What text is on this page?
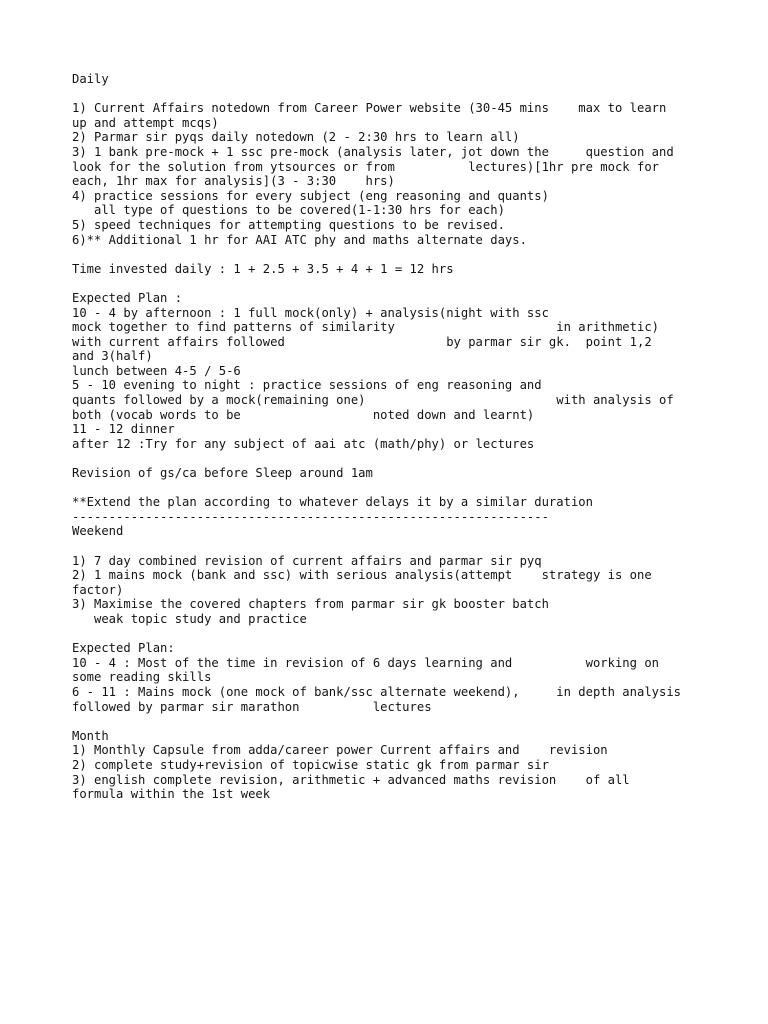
Daily
1) Current Affairs notedown from Career Power website (30-45 mins    max to learn
up and attempt mcqs)
2) Parmar sir pyqs daily notedown (2 - 2:30 hrs to learn all)
3) 1 bank pre-mock + 1 ssc pre-mock (analysis later, jot down the     question and
look for the solution from ytsources or from          lectures)[1hr pre mock for
each, 1hr max for analysis](3 - 3:30    hrs)
4) practice sessions for every subject (eng reasoning and quants)
all type of questions to be covered(1-1:30 hrs for each)
5) speed techniques for attempting questions to be revised.
6)** Additional 1 hr for AAI ATC phy and maths alternate days.
Time invested daily : 1 + 2.5 + 3.5 + 4 + 1 = 12 hrs
Expected Plan :
10 - 4 by afternoon : 1 full mock(only) + analysis(night with ssc
mock together to find patterns of similarity                      in arithmetic)
with current affairs followed                      by parmar sir gk.  point 1,2
and 3(half)
lunch between 4-5 / 5-6
5 - 10 evening to night : practice sessions of eng reasoning and
quants followed by a mock(remaining one)                          with analysis of
both (vocab words to be                  noted down and learnt)
11 - 12 dinner
after 12 :Try for any subject of aai atc (math/phy) or lectures
Revision of gs/ca before Sleep around 1am
**Extend the plan according to whatever delays it by a similar duration
-----------------------------------------------------------------
Weekend
1) 7 day combined revision of current affairs and parmar sir pyq
2) 1 mains mock (bank and ssc) with serious analysis(attempt    strategy is one
factor)
3) Maximise the covered chapters from parmar sir gk booster batch
weak topic study and practice
Expected Plan:
10 - 4 : Most of the time in revision of 6 days learning and          working on
some reading skills
6 - 11 : Mains mock (one mock of bank/ssc alternate weekend),     in depth analysis
followed by parmar sir marathon          lectures
Month
1) Monthly Capsule from adda/career power Current affairs and    revision
2) complete study+revision of topicwise static gk from parmar sir
3) english complete revision, arithmetic + advanced maths revision    of all
formula within the 1st week
